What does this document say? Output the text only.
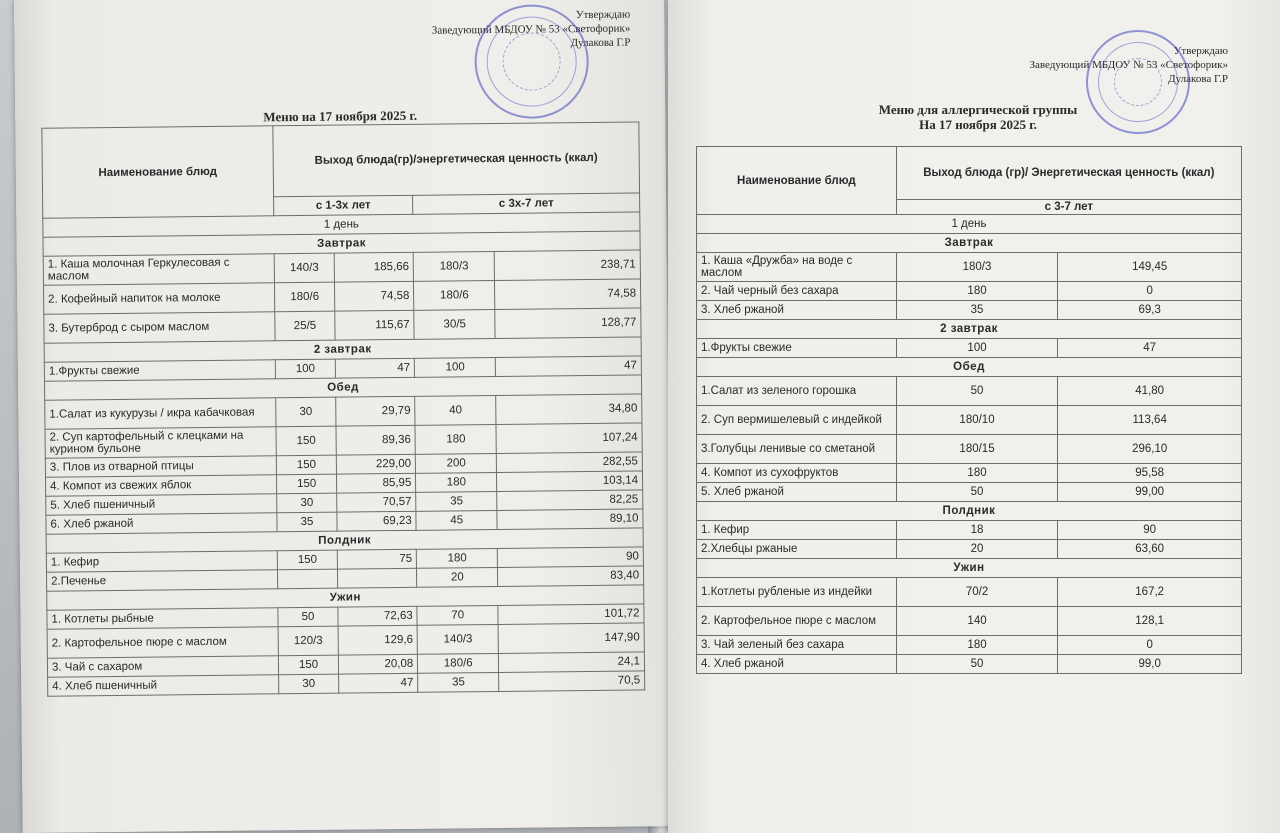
Утверждаю
Заведующий МБДОУ № 53 «Светофорик»
Дулакова Г.Р
Меню на 17 ноября 2025 г.
Наименование блюд	Выход блюда(гр)/энергетическая ценность (ккал)			
	с 1-3х лет		с 3х-7 лет	
1 день				
Завтрак				
1. Каша молочная Геркулесовая с маслом	140/3	185,66	180/3	238,71
2. Кофейный напиток на молоке	180/6	74,58	180/6	74,58
3. Бутерброд с сыром маслом	25/5	115,67	30/5	128,77
2 завтрак				
1.Фрукты свежие	100	47	100	47
Обед				
1.Салат из кукурузы / икра кабачковая	30	29,79	40	34,80
2. Суп картофельный с клецками на курином бульоне	150	89,36	180	107,24
3. Плов из отварной птицы	150	229,00	200	282,55
4. Компот из свежих яблок	150	85,95	180	103,14
5. Хлеб пшеничный	30	70,57	35	82,25
6. Хлеб ржаной	35	69,23	45	89,10
Полдник				
1. Кефир	150	75	180	90
2.Печенье			20	83,40
Ужин				
1. Котлеты рыбные	50	72,63	70	101,72
2. Картофельное пюре с маслом	120/3	129,6	140/3	147,90
3. Чай с сахаром	150	20,08	180/6	24,1
4. Хлеб пшеничный	30	47	35	70,5
Утверждаю
Заведующий МБДОУ № 53 «Светофорик»
Дулакова Г.Р
Меню для аллергической группы
На 17 ноября 2025 г.
Наименование блюд	Выход блюда (гр)/ Энергетическая ценность (ккал)	
	с 3-7 лет	
1 день		
Завтрак		
1. Каша «Дружба» на воде с маслом	180/3	149,45
2. Чай черный без сахара	180	0
3. Хлеб ржаной	35	69,3
2 завтрак		
1.Фрукты свежие	100	47
Обед		
1.Салат из зеленого горошка	50	41,80
2. Суп вермишелевый с индейкой	180/10	113,64
3.Голубцы ленивые со сметаной	180/15	296,10
4. Компот из сухофруктов	180	95,58
5. Хлеб ржаной	50	99,00
Полдник		
1. Кефир	18	90
2.Хлебцы ржаные	20	63,60
Ужин		
1.Котлеты рубленые из индейки	70/2	167,2
2. Картофельное пюре с маслом	140	128,1
3. Чай зеленый без сахара	180	0
4. Хлеб ржаной	50	99,0
